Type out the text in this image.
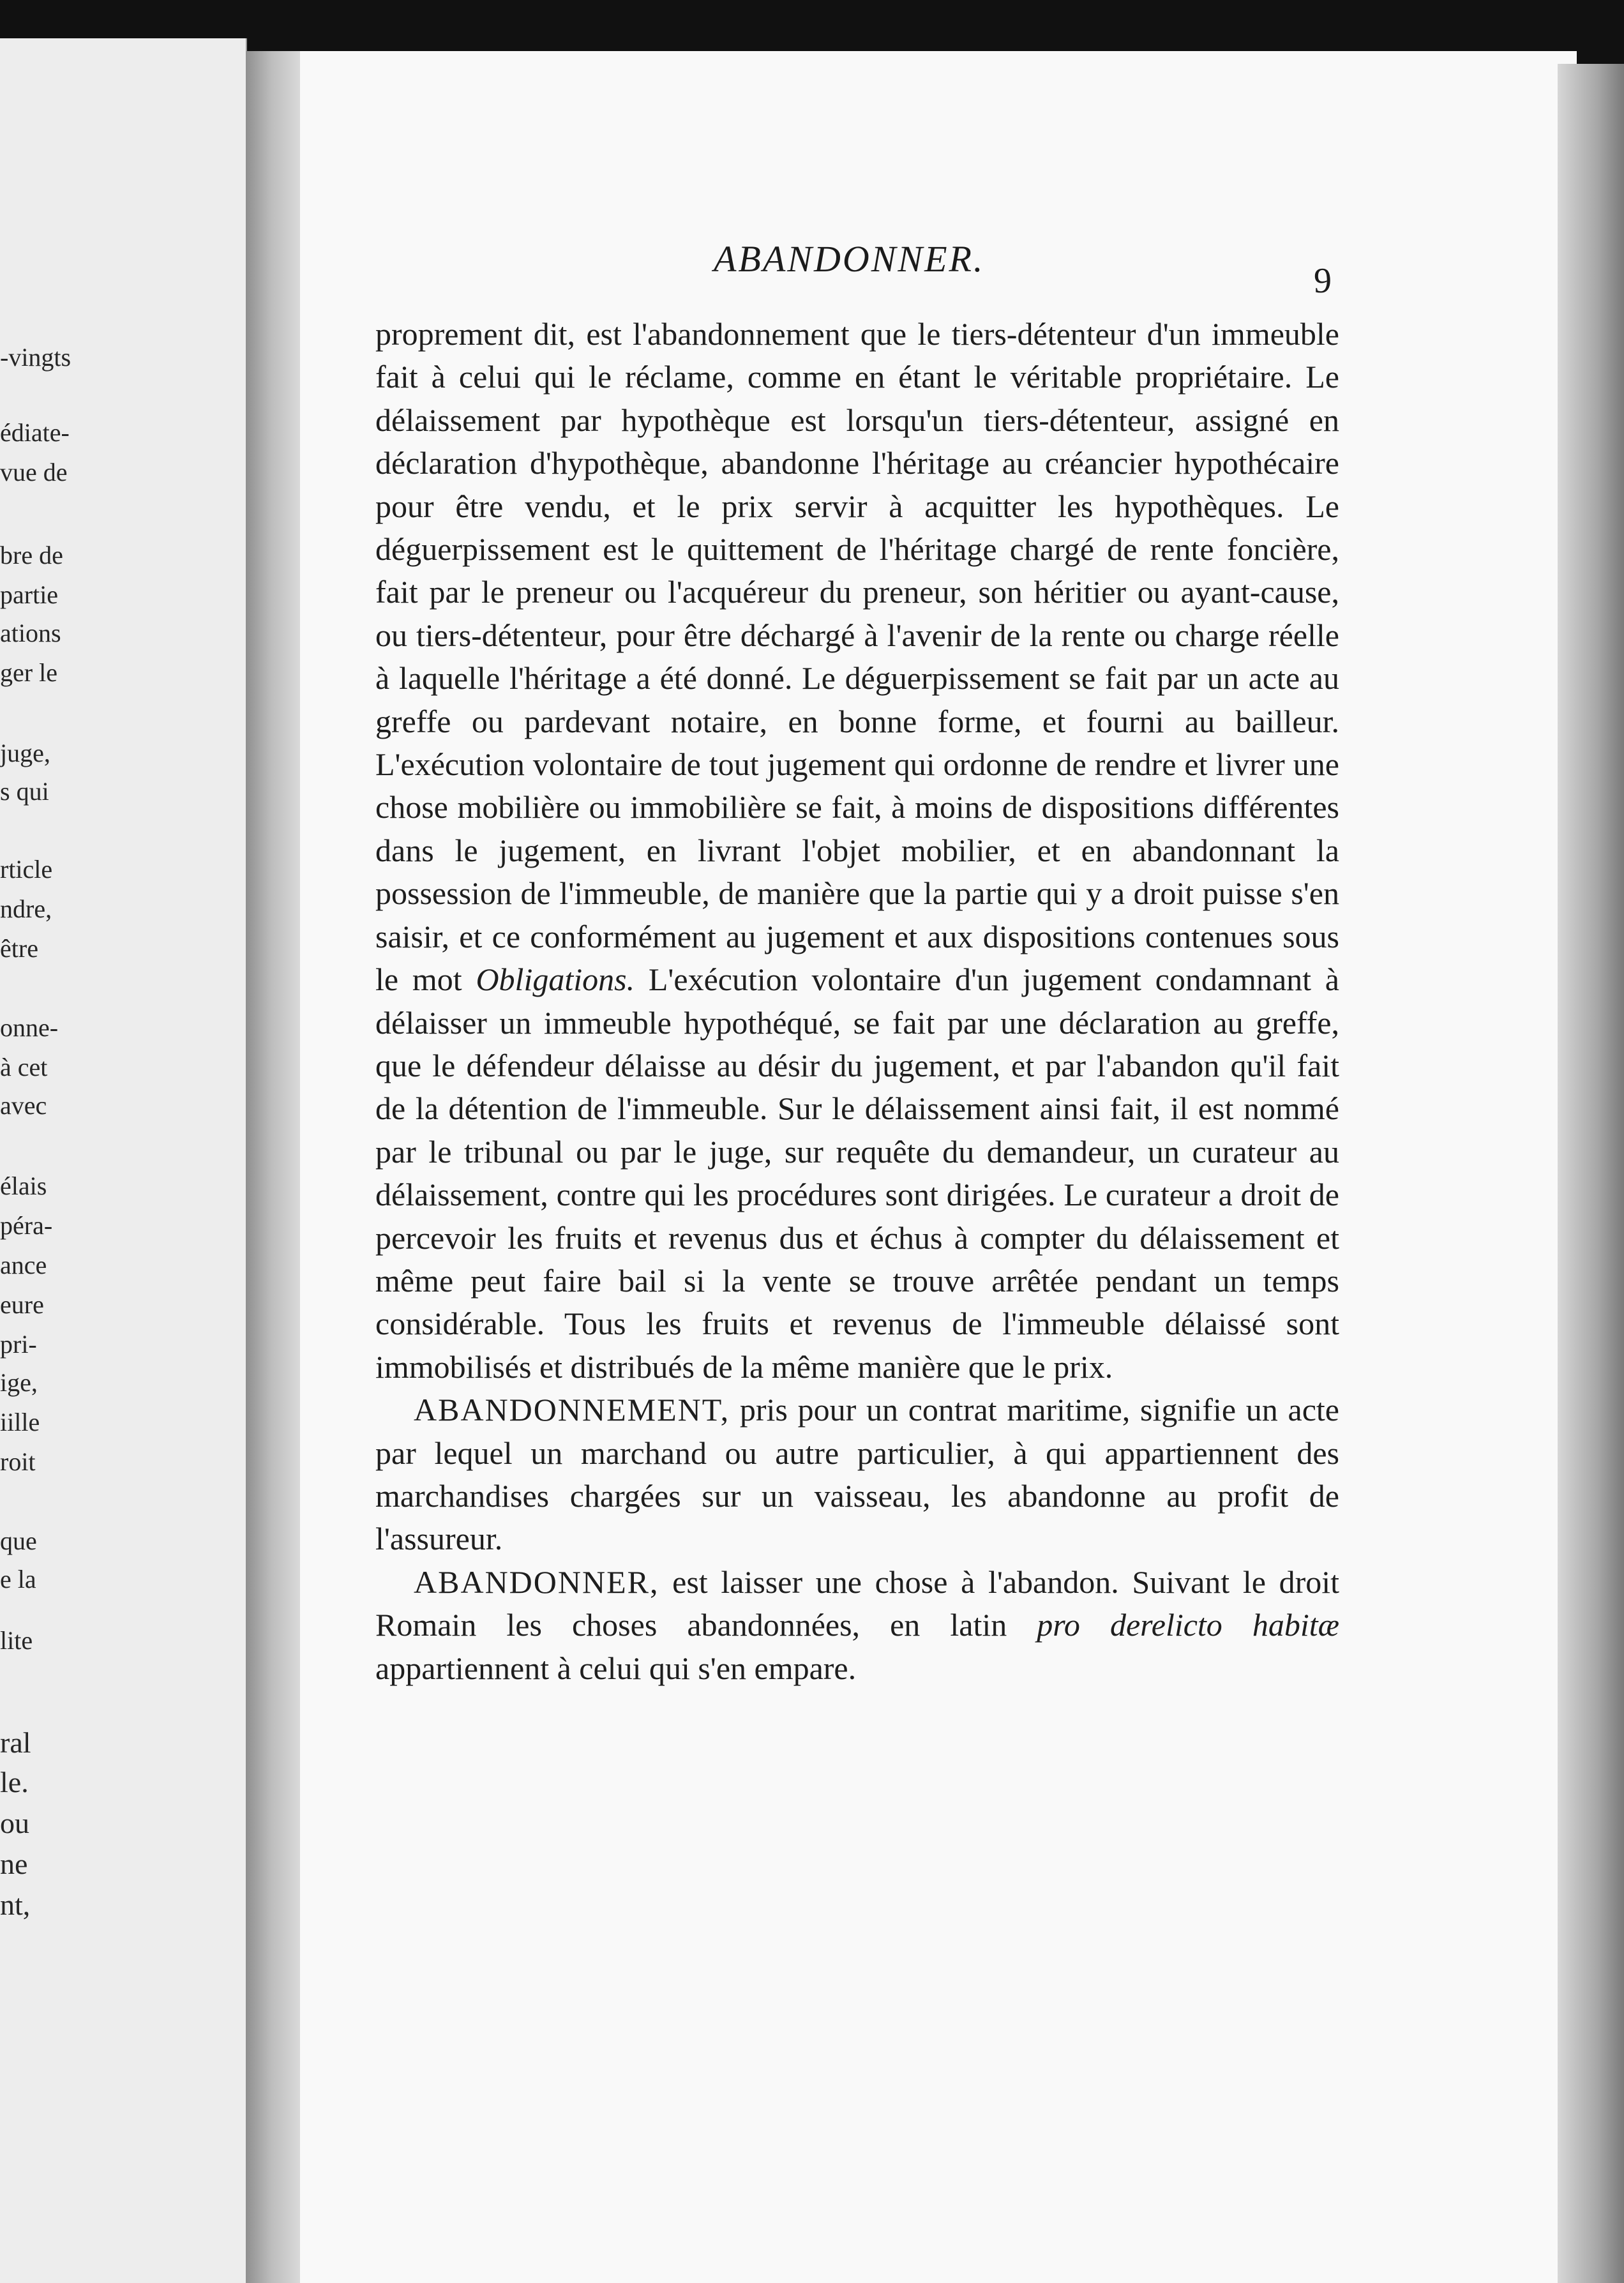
-vingts
édiate-
vue de
bre de
partie
ations
ger le
juge,
s qui
rticle
ndre,
être
onne-
à cet
avec
élais
péra-
ance
eure
pri-
ige,
iille
roit
que
e la
lite
ral
le.
ou
ne
nt,
ABANDONNER.
9

proprement dit, est l'abandonnement que le tiers-détenteur d'un immeuble fait à celui qui le réclame, comme en étant le véritable propriétaire. Le délaissement par hypothèque est lorsqu'un tiers-détenteur, assigné en déclaration d'hypothèque, abandonne l'héritage au créancier hypothécaire pour être vendu, et le prix servir à acquitter les hypothèques. Le déguerpissement est le quittement de l'héritage chargé de rente foncière, fait par le preneur ou l'acquéreur du preneur, son héritier ou ayant-cause, ou tiers-détenteur, pour être déchargé à l'avenir de la rente ou charge réelle à laquelle l'héritage a été donné. Le déguerpissement se fait par un acte au greffe ou pardevant notaire, en bonne forme, et fourni au bailleur. L'exécution volontaire de tout jugement qui ordonne de rendre et livrer une chose mobilière ou immobilière se fait, à moins de dispositions différentes dans le jugement, en livrant l'objet mobilier, et en abandonnant la possession de l'immeuble, de manière que la partie qui y a droit puisse s'en saisir, et ce conformément au jugement et aux dispositions contenues sous le mot Obligations. L'exécution volontaire d'un jugement condamnant à délaisser un immeuble hypothéqué, se fait par une déclaration au greffe, que le défendeur délaisse au désir du jugement, et par l'abandon qu'il fait de la détention de l'immeuble. Sur le délaissement ainsi fait, il est nommé par le tribunal ou par le juge, sur requête du demandeur, un curateur au délaissement, contre qui les procédures sont dirigées. Le curateur a droit de percevoir les fruits et revenus dus et échus à compter du délaissement et même peut faire bail si la vente se trouve arrêtée pendant un temps considérable. Tous les fruits et revenus de l'immeuble délaissé sont immobilisés et distribués de la même manière que le prix.

ABANDONNEMENT, pris pour un contrat maritime, signifie un acte par lequel un marchand ou autre particulier, à qui appartiennent des marchandises chargées sur un vaisseau, les abandonne au profit de l'assureur.

ABANDONNER, est laisser une chose à l'abandon. Suivant le droit Romain les choses abandonnées, en latin pro derelicto habitæ appartiennent à celui qui s'en empare.
